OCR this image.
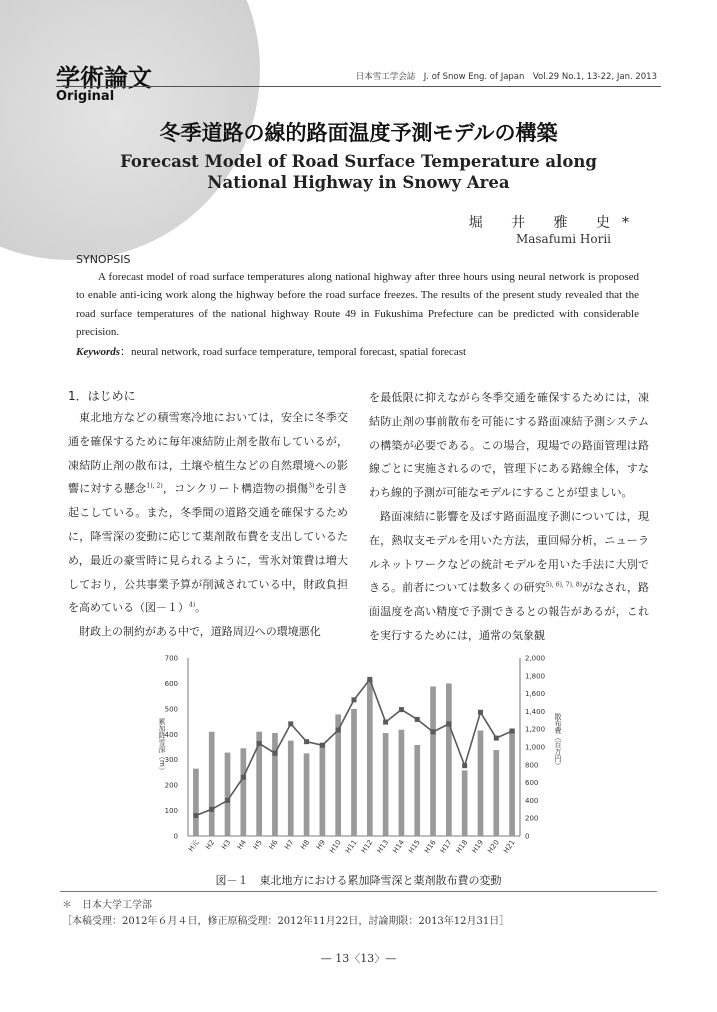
学術論文
Original
日本雪工学会誌　J. of Snow Eng. of Japan　Vol.29 No.1, 13-22, Jan. 2013
冬季道路の線的路面温度予測モデルの構築
Forecast Model of Road Surface Temperature along
National Highway in Snowy Area
堀 井 雅 史*
Masafumi Horii
SYNOPSIS

A forecast model of road surface temperatures along national highway after three hours using neural network is proposed to enable anti-icing work along the highway before the road surface freezes. The results of the present study revealed that the road surface temperatures of the national highway Route 49 in Fukushima Prefecture can be predicted with considerable precision.

Keywords：neural network, road surface temperature, temporal forecast, spatial forecast

1．はじめに

東北地方などの積雪寒冷地においては，安全に冬季交通を確保するために毎年凍結防止剤を散布しているが，凍結防止剤の散布は，土壌や植生などの自然環境への影響に対する懸念$^{1), 2)}$，コンクリート構造物の損傷$^{3)}$を引き起こしている。また，冬季間の道路交通を確保するために，降雪深の変動に応じて薬剤散布費を支出しているため，最近の豪雪時に見られるように，雪氷対策費は増大しており，公共事業予算が削減されている中，財政負担を高めている（図－１）$^{4)}$。

財政上の制約がある中で，道路周辺への環境悪化

を最低限に抑えながら冬季交通を確保するためには，凍結防止剤の事前散布を可能にする路面凍結予測システムの構築が必要である。この場合，現場での路面管理は路線ごとに実施されるので，管理下にある路線全体，すなわち線的予測が可能なモデルにすることが望ましい。

路面凍結に影響を及ぼす路面温度予測については，現在，熱収支モデルを用いた方法，重回帰分析，ニューラルネットワークなどの統計モデルを用いた手法に大別できる。前者については数多くの研究$^{5), 6), 7), 8)}$がなされ，路面温度を高い精度で予測できるとの報告があるが，これを実行するためには，通常の気象観

0
100
200
300
400
500
600
700
0
200
400
600
800
1,000
1,200
1,400
1,600
1,800
2,000
H元 H2 H3 H4 H5 H6 H7 H8 H9 H10 H11 H12 H13 H14 H15 H16 H17 H18 H19 H20 H21
累加降雪深（m）	散布費（百万円）
図－１　東北地方における累加降雪深と薬剤散布費の変動
＊　日本大学工学部
［本稿受理：2012年６月４日，修正原稿受理：2012年11月22日，討論期限：2013年12月31日］
— 13〈13〉—
